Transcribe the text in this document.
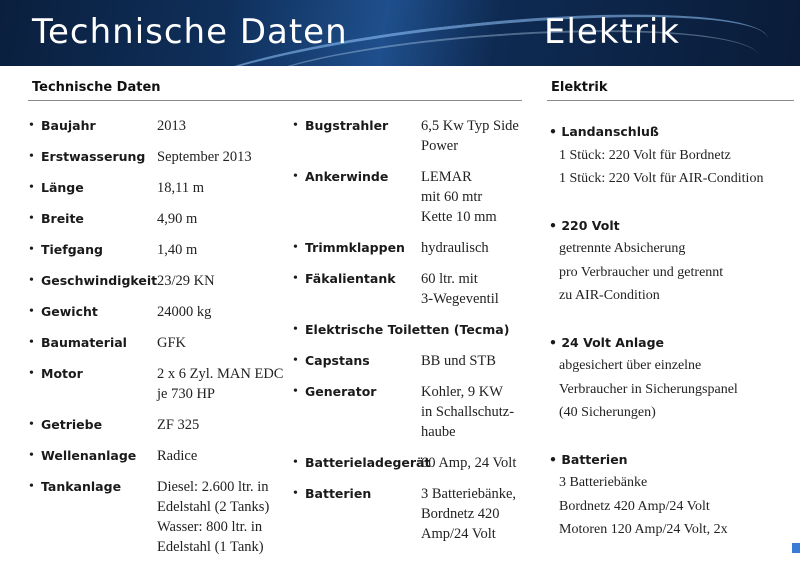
Technische Daten	Elektrik
Technische Daten	Elektrik
• Baujahr	2013
• Erstwasserung September 2013
• Länge	18,11 m
• Breite	4,90 m
• Tiefgang	1,40 m
• Geschwindigkeit 23/29 KN
• Gewicht	24000 kg
• Baumaterial	GFK
• Motor	2 x 6 Zyl. MAN EDC
je 730 HP
• Getriebe	ZF 325
• Wellenanlage	Radice
• Tankanlage	Diesel: 2.600 ltr. in
Edelstahl (2 Tanks)
Wasser: 800 ltr. in
Edelstahl (1 Tank)
• Bugstrahler	6,5 Kw Typ Side
Power
• Ankerwinde	LEMAR
mit 60 mtr
Kette 10 mm
• Trimmklappen	hydraulisch
• Fäkalientank	60 ltr. mit
3-Wegeventil
• Elektrische Toiletten (Tecma)
• Capstans	BB und STB
• Generator	Kohler, 9 KW
in Schallschutz-
haube
• Batterieladegerät
60 Amp, 24 Volt
• Batterien	3 Batteriebänke,
Bordnetz 420
Amp/24 Volt
• Landanschluß
1 Stück: 220 Volt für Bordnetz
1 Stück: 220 Volt für AIR-Condition
• 220 Volt
getrennte Absicherung
pro Verbraucher und getrennt
zu AIR-Condition
• 24 Volt Anlage
abgesichert über einzelne
Verbraucher in Sicherungspanel
(40 Sicherungen)
• Batterien
3 Batteriebänke
Bordnetz 420 Amp/24 Volt
Motoren 120 Amp/24 Volt, 2x
